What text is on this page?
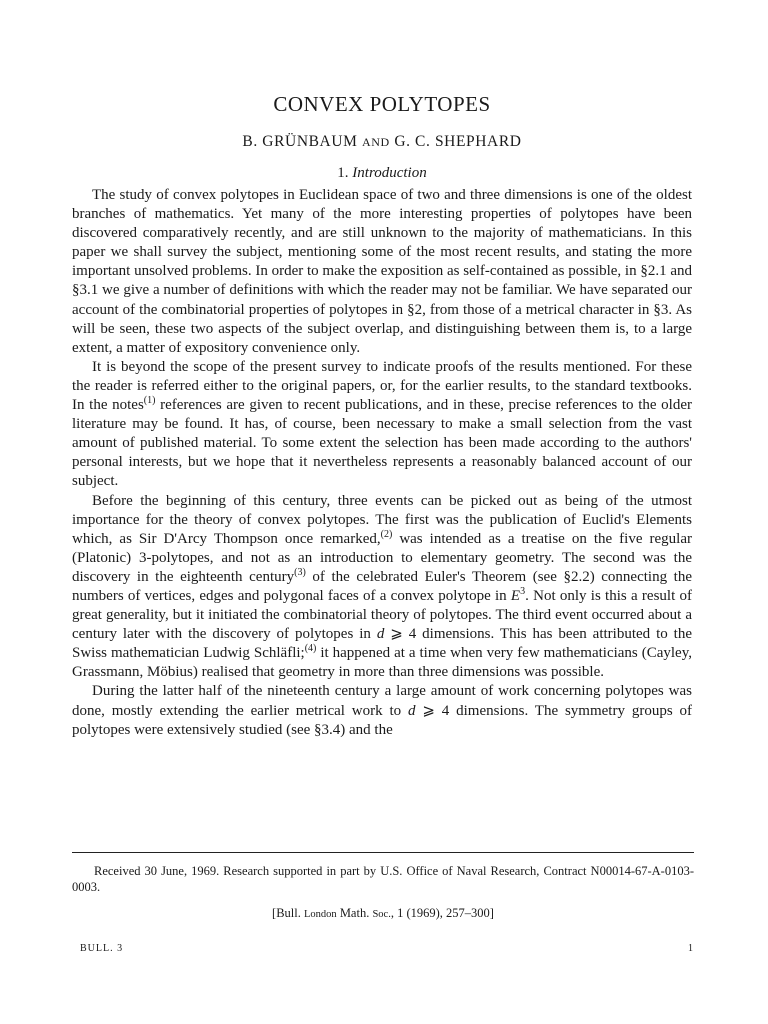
CONVEX POLYTOPES
B. GRÜNBAUM AND G. C. SHEPHARD
1. Introduction

The study of convex polytopes in Euclidean space of two and three dimensions is one of the oldest branches of mathematics. Yet many of the more interesting properties of polytopes have been discovered comparatively recently, and are still unknown to the majority of mathematicians. In this paper we shall survey the subject, mentioning some of the most recent results, and stating the more important unsolved problems. In order to make the exposition as self-contained as possible, in §2.1 and §3.1 we give a number of definitions with which the reader may not be familiar. We have separated our account of the combinatorial properties of polytopes in §2, from those of a metrical character in §3. As will be seen, these two aspects of the subject overlap, and distinguishing between them is, to a large extent, a matter of expository convenience only.

It is beyond the scope of the present survey to indicate proofs of the results mentioned. For these the reader is referred either to the original papers, or, for the earlier results, to the standard textbooks. In the notes$^{(1)}$ references are given to recent publications, and in these, precise references to the older literature may be found. It has, of course, been necessary to make a small selection from the vast amount of published material. To some extent the selection has been made according to the authors' personal interests, but we hope that it nevertheless represents a reasonably balanced account of our subject.

Before the beginning of this century, three events can be picked out as being of the utmost importance for the theory of convex polytopes. The first was the publication of Euclid's Elements which, as Sir D'Arcy Thompson once remarked,$^{(2)}$ was intended as a treatise on the five regular (Platonic) 3-polytopes, and not as an introduction to elementary geometry. The second was the discovery in the eighteenth century$^{(3)}$ of the celebrated Euler's Theorem (see §2.2) connecting the numbers of vertices, edges and polygonal faces of a convex polytope in $E^3$. Not only is this a result of great generality, but it initiated the combinatorial theory of polytopes. The third event occurred about a century later with the discovery of polytopes in d ⩾ 4 dimensions. This has been attributed to the Swiss mathematician Ludwig Schläfli;$^{(4)}$ it happened at a time when very few mathematicians (Cayley, Grassmann, Möbius) realised that geometry in more than three dimensions was possible.

During the latter half of the nineteenth century a large amount of work concerning polytopes was done, mostly extending the earlier metrical work to d ⩾ 4 dimensions. The symmetry groups of polytopes were extensively studied (see §3.4) and the

Received 30 June, 1969. Research supported in part by U.S. Office of Naval Research, Contract N00014-67-A-0103-0003.

[Bull. London Math. Soc., 1 (1969), 257–300]
BULL. 3	1
